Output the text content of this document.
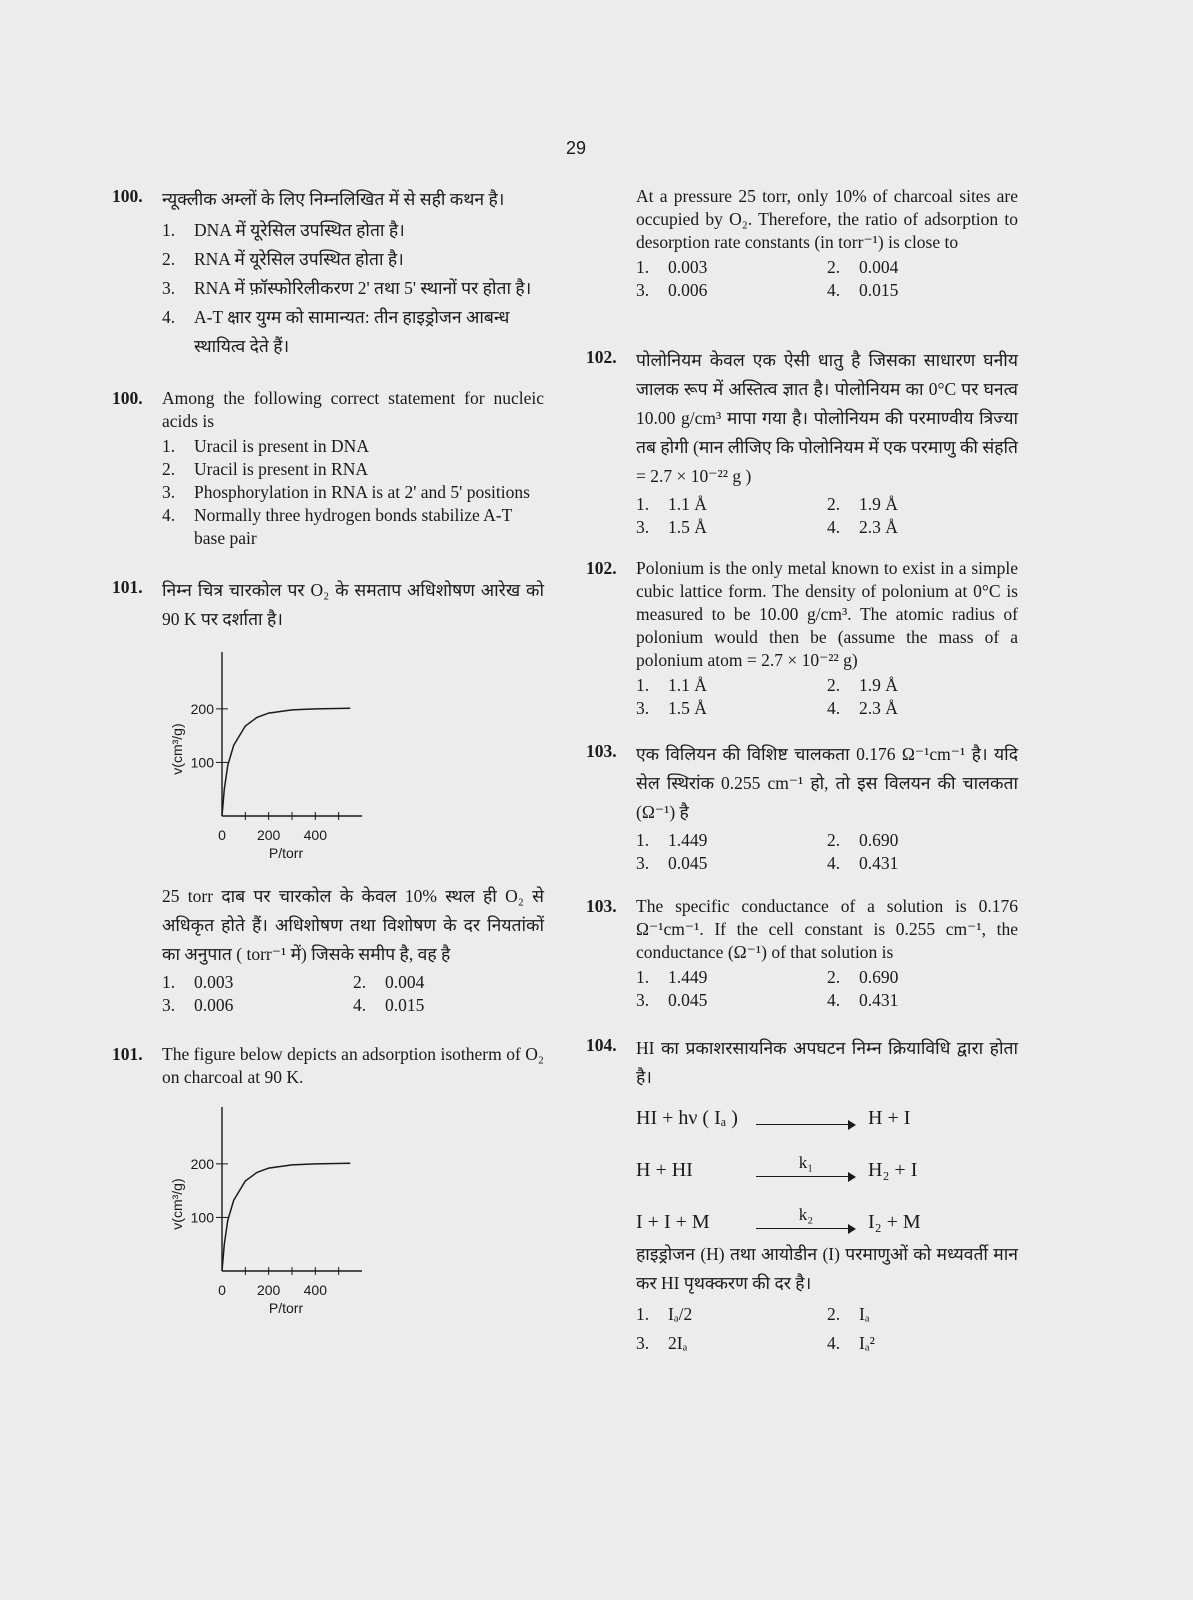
29
100. न्यूक्लीक अम्लों के लिए निम्नलिखित में से सही कथन है।
1.	DNA में यूरेसिल उपस्थित होता है।
2.	RNA में यूरेसिल उपस्थित होता है।
3.	RNA में फ़ॉस्फोरिलीकरण 2' तथा 5' स्थानों पर होता है।
4.	A-T क्षार युग्म को सामान्यत: तीन हाइड्रोजन आबन्ध स्थायित्व देते हैं।
100. Among the following correct statement for nucleic acids is
1.	Uracil is present in DNA
2.	Uracil is present in RNA
3.	Phosphorylation in RNA is at 2' and 5' positions
4.	Normally three hydrogen bonds stabilize A-T base pair
101. निम्न चित्र चारकोल पर O₂ के समताप अधिशोषण आरेख को 90 K पर दर्शाता है।
0 200 400
100
200
P/torr
v(cm³/g)
25 torr दाब पर चारकोल के केवल 10% स्थल ही O₂ से अधिकृत होते हैं। अधिशोषण तथा विशोषण के दर नियतांकों का अनुपात ( torr⁻¹ में) जिसके समीप है, वह है
1.	0.003	2.	0.004
3.	0.006	4.	0.015
101. The figure below depicts an adsorption isotherm of O₂ on charcoal at 90 K.
0 200 400
100
200
P/torr
v(cm³/g)
At a pressure 25 torr, only 10% of charcoal sites are occupied by O₂. Therefore, the ratio of adsorption to desorption rate constants (in torr⁻¹) is close to
1.	0.003	2.	0.004
3.	0.006	4.	0.015
102. पोलोनियम केवल एक ऐसी धातु है जिसका साधारण घनीय जालक रूप में अस्तित्व ज्ञात है। पोलोनियम का 0°C पर घनत्व 10.00 g/cm³ मापा गया है। पोलोनियम की परमाण्वीय त्रिज्या तब होगी (मान लीजिए कि पोलोनियम में एक परमाणु की संहति = 2.7 × 10⁻²² g )
1.	1.1 Å	2.	1.9 Å
3.	1.5 Å	4.	2.3 Å
102. Polonium is the only metal known to exist in a simple cubic lattice form. The density of polonium at 0°C is measured to be 10.00 g/cm³. The atomic radius of polonium would then be (assume the mass of a polonium atom = 2.7 × 10⁻²² g)
1.	1.1 Å	2.	1.9 Å
3.	1.5 Å	4.	2.3 Å
103. एक विलियन की विशिष्ट चालकता 0.176 Ω⁻¹cm⁻¹ है। यदि सेल स्थिरांक 0.255 cm⁻¹ हो, तो इस विलयन की चालकता (Ω⁻¹) है
1.	1.449	2.	0.690
3.	0.045	4.	0.431
103. The specific conductance of a solution is 0.176 Ω⁻¹cm⁻¹. If the cell constant is 0.255 cm⁻¹, the conductance (Ω⁻¹) of that solution is
1.	1.449	2.	0.690
3.	0.045	4.	0.431
104. HI का प्रकाशरसायनिक अपघटन निम्न क्रियाविधि द्वारा होता है।
HI + hν ( Iₐ )	H + I
H + HI	k₁	H₂ + I
I + I + M	k₂	I₂ + M
हाइड्रोजन (H) तथा आयोडीन (I) परमाणुओं को मध्यवर्ती मान कर HI पृथक्करण की दर है।
1.	Iₐ/2	2.	Iₐ
3.	2Iₐ	4.	Iₐ²
